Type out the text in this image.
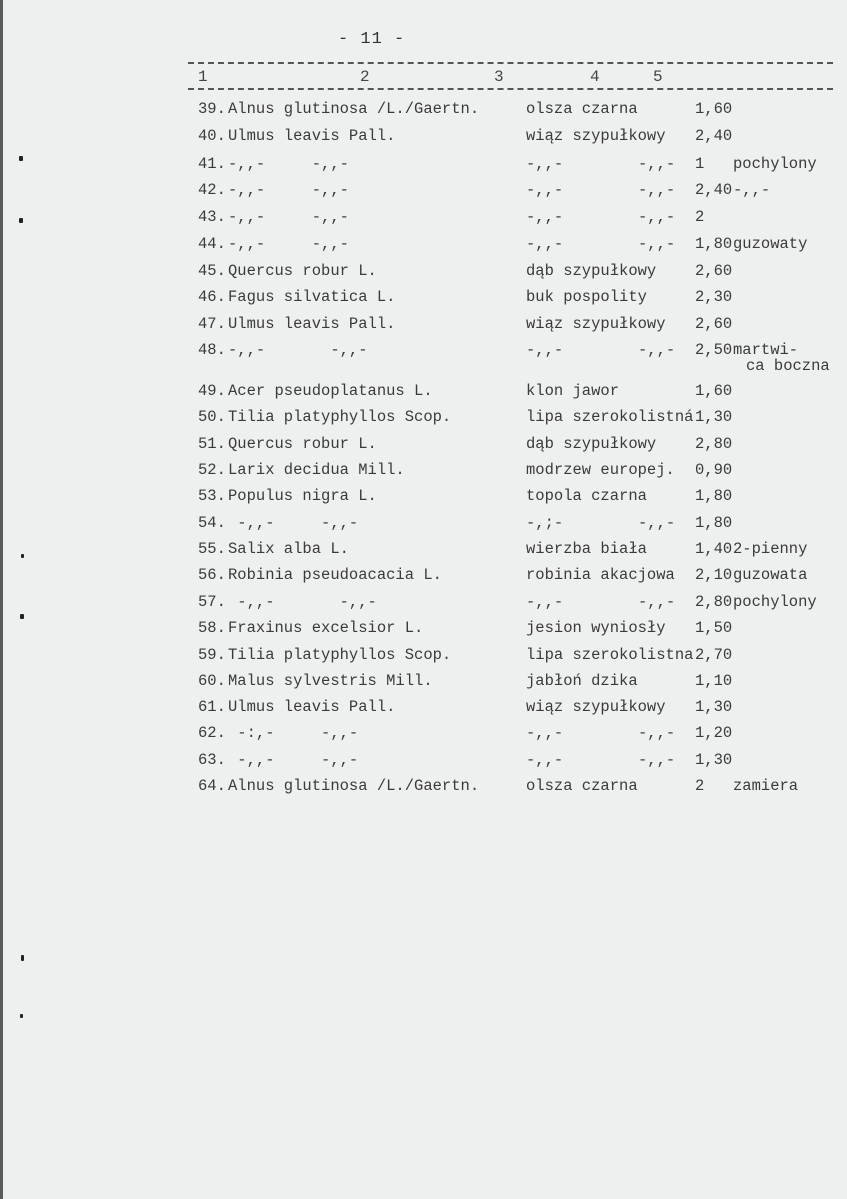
- 11 -
1	2	3	4	5
39. Alnus glutinosa /L./Gaertn.	olsza czarna	1,60
40. Ulmus leavis Pall.	wiąz szypułkowy 2,40
41. -,,-     -,,-	-,,-	-,,- 1 pochylony
42. -,,-     -,,-	-,,-	-,,- 2,40 -,,-
43. -,,-     -,,-	-,,-	-,,- 2
44. -,,-     -,,-	-,,-	-,,- 1,80 guzowaty
45. Quercus robur L.	dąb szypułkowy	2,60
46. Fagus silvatica L.	buk pospolity	2,30
47. Ulmus leavis Pall.	wiąz szypułkowy 2,60
48. -,,-       -,,-	-,,-	-,,- 2,50 martwi-
ca boczna
49. Acer pseudoplatanus L.	klon jawor	1,60
50. Tilia platyphyllos Scop.	lipa szerokolistná 1,30
51. Quercus robur L.	dąb szypułkowy	2,80
52. Larix decidua Mill.	modrzew europej. 0,90
53. Populus nigra L.	topola czarna	1,80
54. -,,-     -,,-	-,;-	-,,- 1,80
55. Salix alba L.	wierzba biała	1,40 2-pienny
56. Robinia pseudoacacia L.	robinia akacjowa 2,10 guzowata
57. -,,-       -,,-	-,,-	-,,- 2,80 pochylony
58. Fraxinus excelsior L.	jesion wyniosły 1,50
59. Tilia platyphyllos Scop.	lipa szerokolistna 2,70
60. Malus sylvestris Mill.	jabłoń dzika	1,10
61. Ulmus leavis Pall.	wiąz szypułkowy 1,30
62. -:,-     -,,-	-,,-	-,,- 1,20
63. -,,-     -,,-	-,,-	-,,- 1,30
64. Alnus glutinosa /L./Gaertn.	olsza czarna	2 zamiera
